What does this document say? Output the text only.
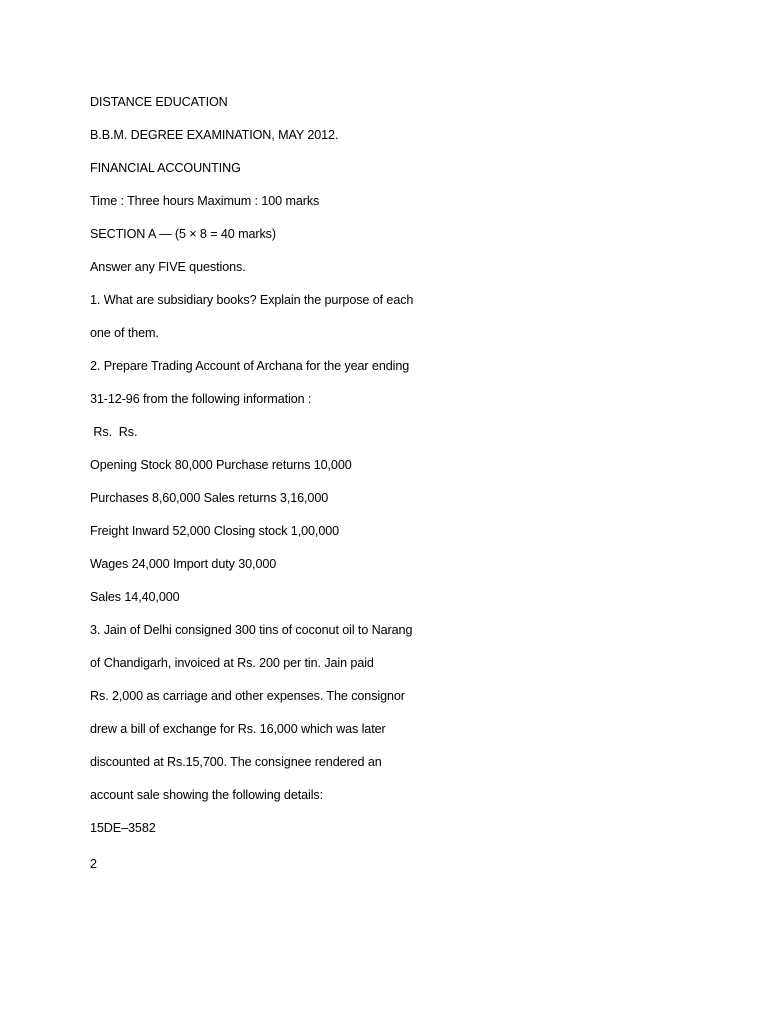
DISTANCE EDUCATION
B.B.M. DEGREE EXAMINATION, MAY 2012.
FINANCIAL ACCOUNTING
Time : Three hours Maximum : 100 marks
SECTION A — (5 × 8 = 40 marks)
Answer any FIVE questions.
1. What are subsidiary books? Explain the purpose of each
one of them.
2. Prepare Trading Account of Archana for the year ending
31-12-96 from the following information :
Rs.  Rs.
Opening Stock 80,000 Purchase returns 10,000
Purchases 8,60,000 Sales returns 3,16,000
Freight Inward 52,000 Closing stock 1,00,000
Wages 24,000 Import duty 30,000
Sales 14,40,000
3. Jain of Delhi consigned 300 tins of coconut oil to Narang
of Chandigarh, invoiced at Rs. 200 per tin. Jain paid
Rs. 2,000 as carriage and other expenses. The consignor
drew a bill of exchange for Rs. 16,000 which was later
discounted at Rs.15,700. The consignee rendered an
account sale showing the following details:
15DE–3582
2
